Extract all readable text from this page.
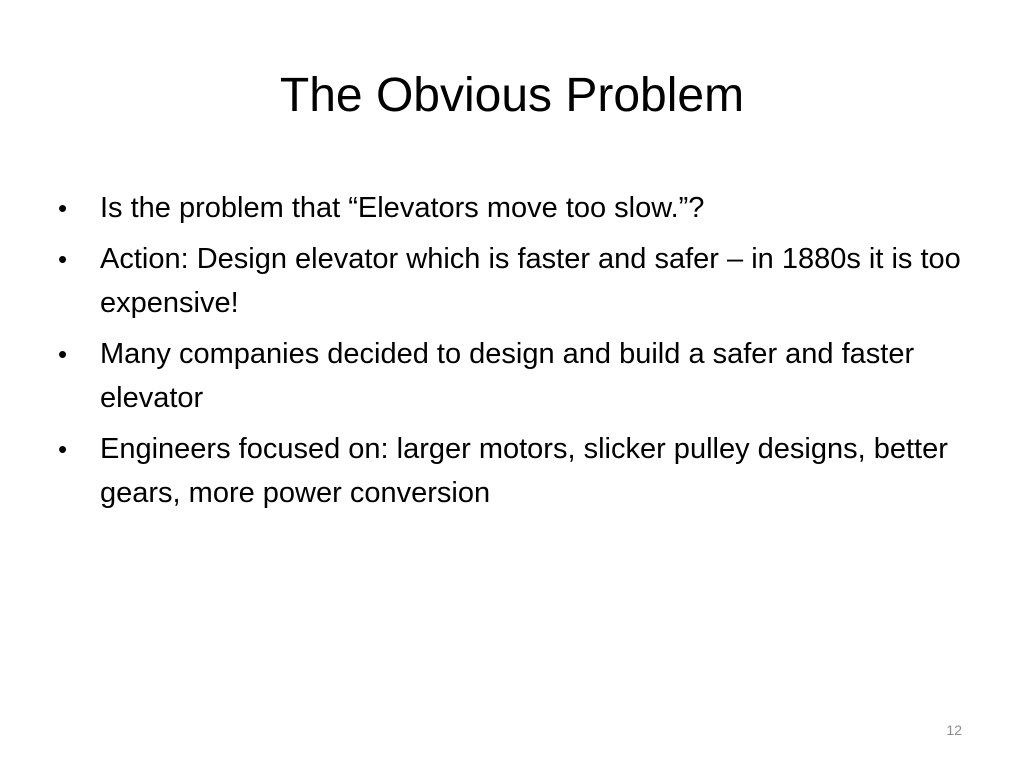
The Obvious Problem
• Is the problem that “Elevators move too slow.”?
• Action: Design elevator which is faster and safer – in 1880s it is too expensive!
• Many companies decided to design and build a safer and faster elevator
• Engineers focused on: larger motors, slicker pulley designs, better gears, more power conversion
12
